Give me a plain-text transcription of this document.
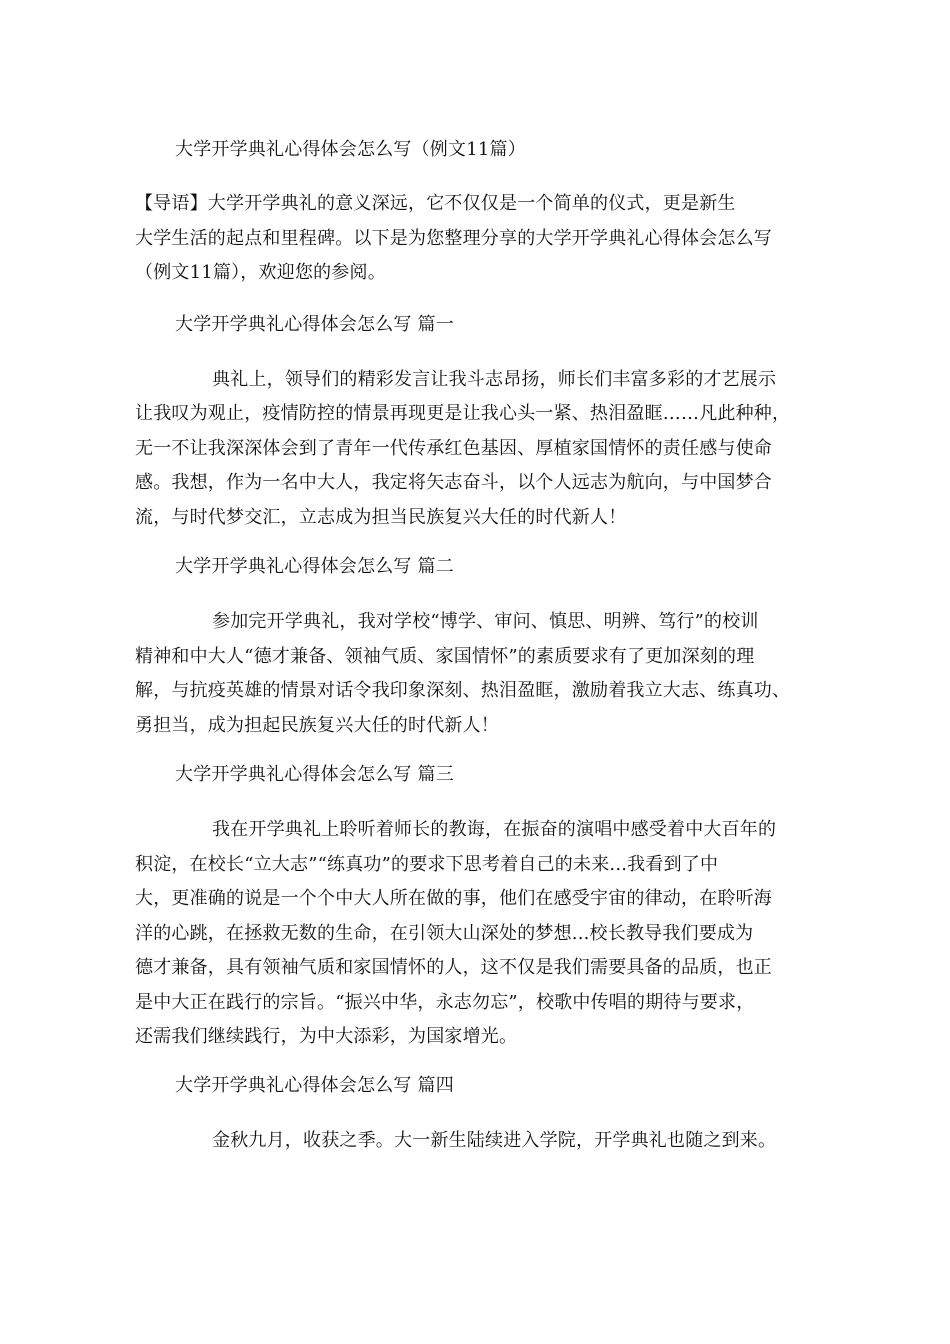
大学开学典礼心得体会怎么写（例文11篇）
【导语】大学开学典礼的意义深远，它不仅仅是一个简单的仪式，更是新生
大学生活的起点和里程碑。以下是为您整理分享的大学开学典礼心得体会怎么写
（例文11篇），欢迎您的参阅。
大学开学典礼心得体会怎么写 篇一
典礼上，领导们的精彩发言让我斗志昂扬，师长们丰富多彩的才艺展示
让我叹为观止，疫情防控的情景再现更是让我心头一紧、热泪盈眶……凡此种种，
无一不让我深深体会到了青年一代传承红色基因、厚植家国情怀的责任感与使命
感。我想，作为一名中大人，我定将矢志奋斗，以个人远志为航向，与中国梦合
流，与时代梦交汇，立志成为担当民族复兴大任的时代新人！
大学开学典礼心得体会怎么写 篇二
参加完开学典礼，我对学校“博学、审问、慎思、明辨、笃行”的校训
精神和中大人“德才兼备、领袖气质、家国情怀”的素质要求有了更加深刻的理
解，与抗疫英雄的情景对话令我印象深刻、热泪盈眶，激励着我立大志、练真功、
勇担当，成为担起民族复兴大任的时代新人！
大学开学典礼心得体会怎么写 篇三
我在开学典礼上聆听着师长的教诲，在振奋的演唱中感受着中大百年的
积淀，在校长“立大志”“练真功”的要求下思考着自己的未来...我看到了中
大，更准确的说是一个个中大人所在做的事，他们在感受宇宙的律动，在聆听海
洋的心跳，在拯救无数的生命，在引领大山深处的梦想...校长教导我们要成为
德才兼备，具有领袖气质和家国情怀的人，这不仅是我们需要具备的品质，也正
是中大正在践行的宗旨。“振兴中华，永志勿忘”，校歌中传唱的期待与要求，
还需我们继续践行，为中大添彩，为国家增光。
大学开学典礼心得体会怎么写 篇四
金秋九月，收获之季。大一新生陆续进入学院，开学典礼也随之到来。
